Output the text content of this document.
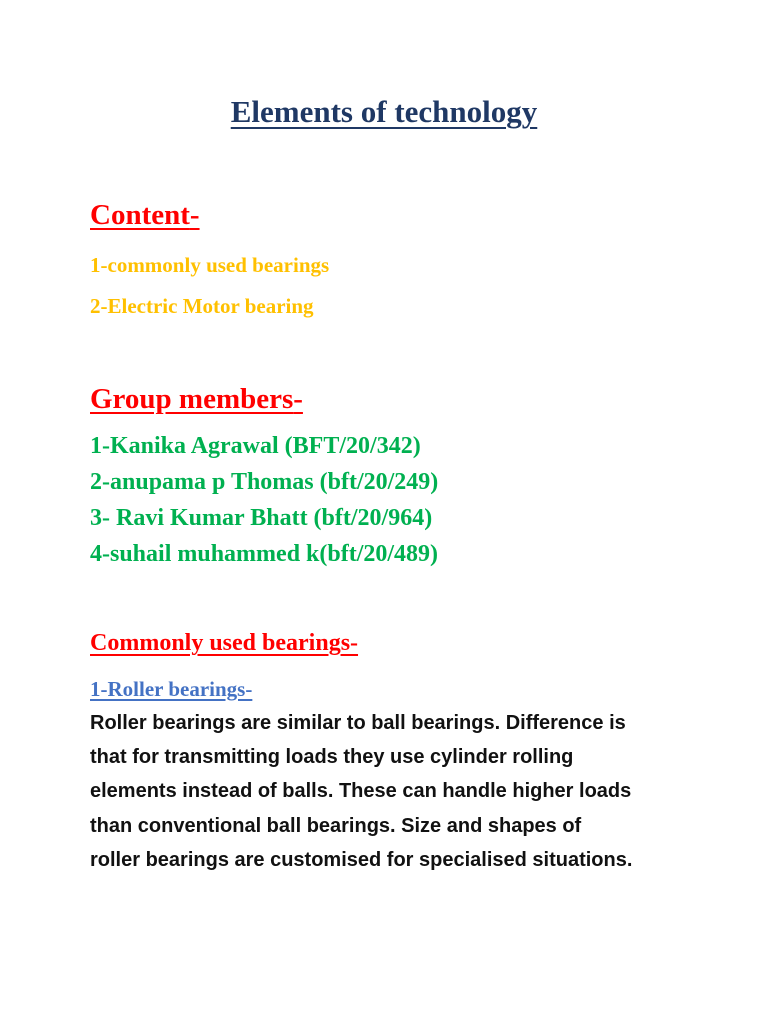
Elements of technology
Content-
1-commonly used bearings
2-Electric Motor bearing
Group members-
1-Kanika Agrawal (BFT/20/342)
2-anupama p Thomas (bft/20/249)
3- Ravi Kumar Bhatt (bft/20/964)
4-suhail muhammed k(bft/20/489)
Commonly used bearings-
1-Roller bearings-

Roller bearings are similar to ball bearings. Difference is
that for transmitting loads they use cylinder rolling
elements instead of balls. These can handle higher loads
than conventional ball bearings. Size and shapes of
roller bearings are customised for specialised situations.
